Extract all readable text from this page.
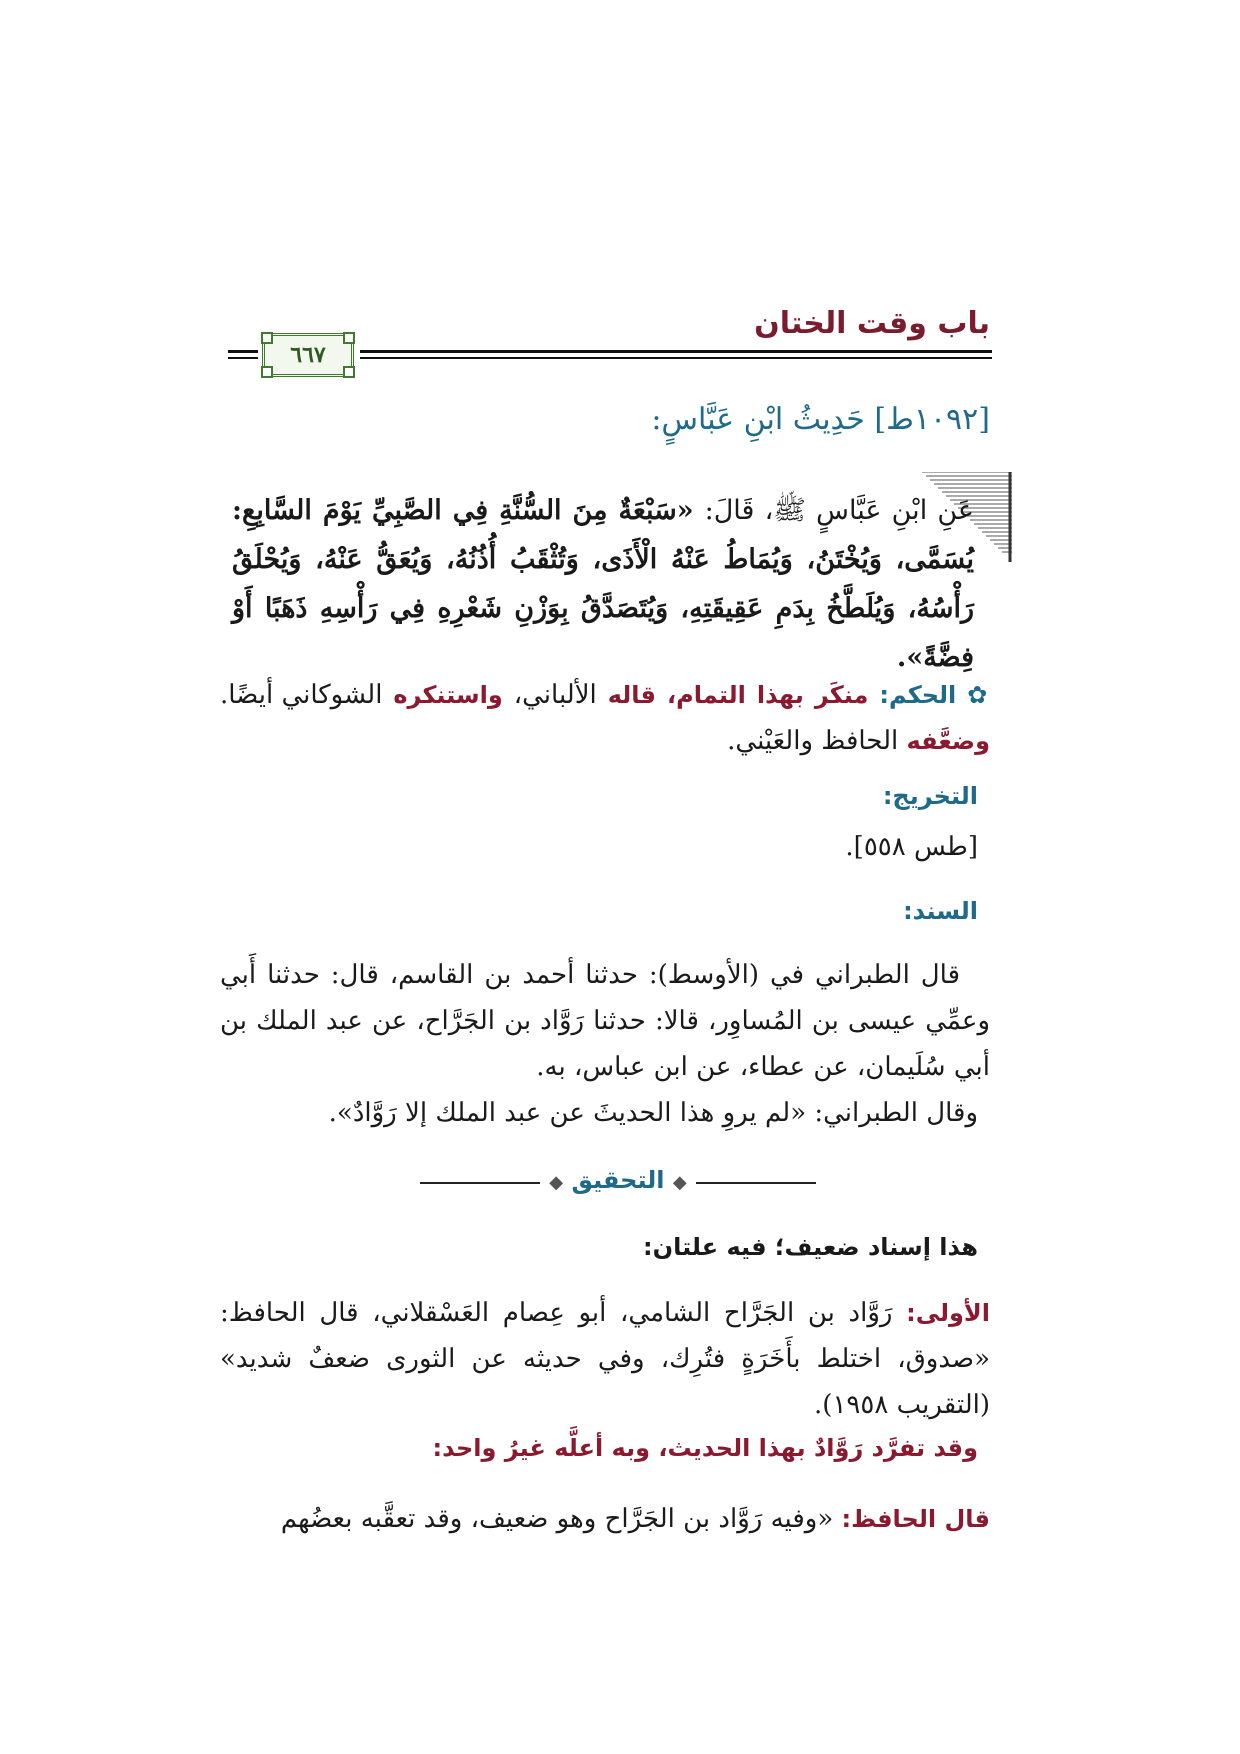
باب وقت الختان
٦٦٧
[١٠٩٢ط] حَدِيثُ ابْنِ عَبَّاسٍ:

عَنِ ابْنِ عَبَّاسٍ ﷺ، قَالَ: «سَبْعَةٌ مِنَ السُّنَّةِ فِي الصَّبِيِّ يَوْمَ السَّابِعِ: يُسَمَّى، وَيُخْتَنُ، وَيُمَاطُ عَنْهُ الْأَذَى، وَتُثْقَبُ أُذُنُهُ، وَيُعَقُّ عَنْهُ، وَيُحْلَقُ رَأْسُهُ، وَيُلَطَّخُ بِدَمِ عَقِيقَتِهِ، وَيُتَصَدَّقُ بِوَزْنِ شَعْرِهِ فِي رَأْسِهِ ذَهَبًا أَوْ فِضَّةً».

✿ الحكم: منكَر بهذا التمام، قاله الألباني، واستنكره الشوكاني أيضًا. وضعَّفه الحافظ والعَيْني.

التخريج:
[طس ٥٥٨].
السند:

قال الطبراني في (الأوسط): حدثنا أحمد بن القاسم، قال: حدثنا أَبي وعمِّي عيسى بن المُساوِر، قالا: حدثنا رَوَّاد بن الجَرَّاح، عن عبد الملك بن أبي سُلَيمان، عن عطاء، عن ابن عباس، به.

وقال الطبراني: «لم يروِ هذا الحديثَ عن عبد الملك إلا رَوَّادٌ».

◆ التحقيق ◆
هذا إسناد ضعيف؛ فيه علتان:

الأولى: رَوَّاد بن الجَرَّاح الشامي، أبو عِصام العَسْقلاني، قال الحافظ: «صدوق، اختلط بأَخَرَةٍ فتُرِك، وفي حديثه عن الثورى ضعفٌ شديد» (التقريب ١٩٥٨).

وقد تفرَّد رَوَّادٌ بهذا الحديث، وبه أعلَّه غيرُ واحد:

قال الحافظ: «وفيه رَوَّاد بن الجَرَّاح وهو ضعيف، وقد تعقَّبه بعضُهم
